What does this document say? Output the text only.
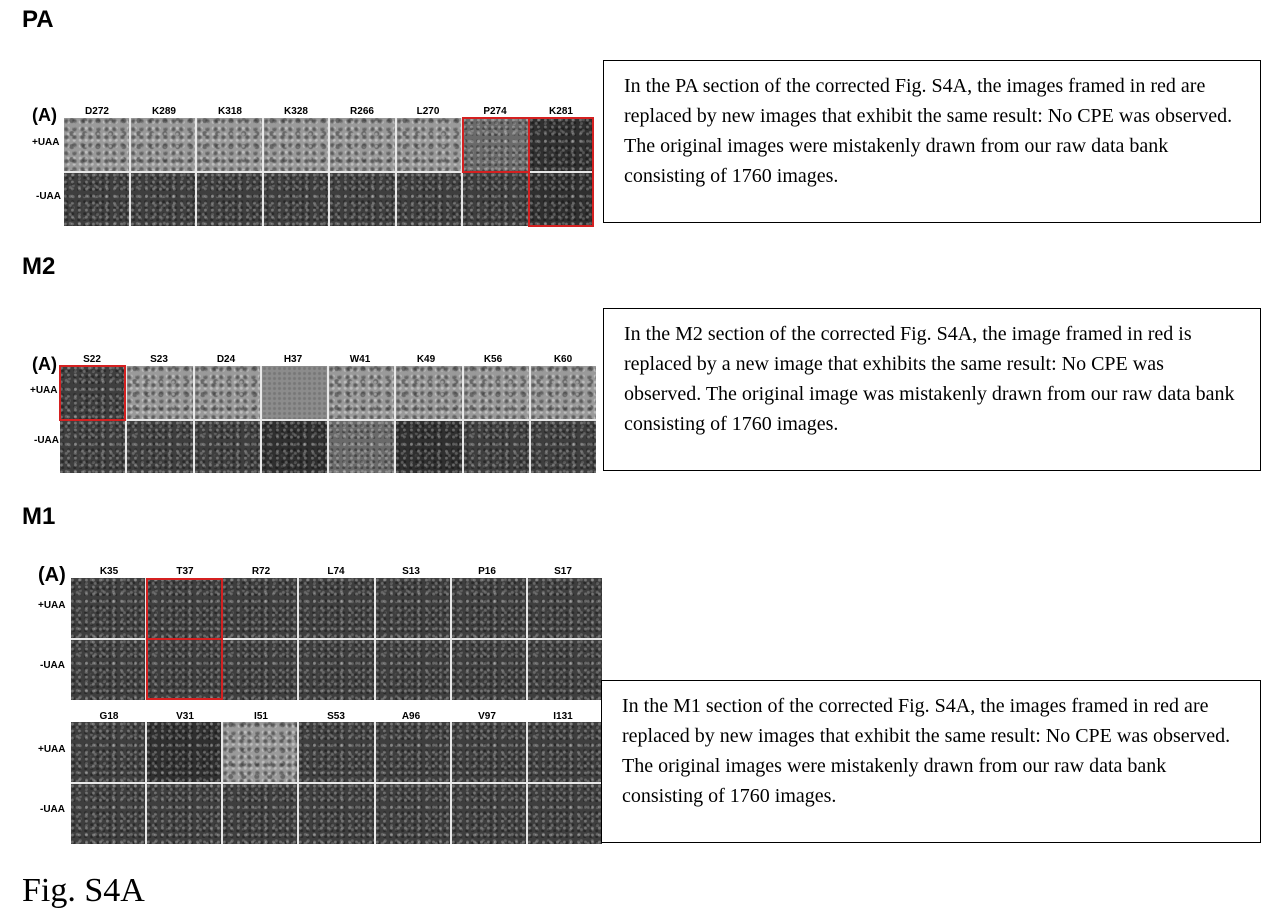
PA
(A)	D272	K289	K318	K328	R266	L270	P274	K281
+UAA
-UAA
In the PA section of the corrected Fig. S4A, the images framed in red are replaced by new images that exhibit the same result: No CPE was observed. The original images were mistakenly drawn from our raw data bank consisting of 1760 images.
M2
(A)	S22	S23	D24	H37	W41	K49	K56	K60
+UAA
-UAA
In the M2 section of the corrected Fig. S4A, the image framed in red is replaced by a new image that exhibits the same result: No CPE was observed. The original image was mistakenly drawn from our raw data bank consisting of 1760 images.
M1
(A)	K35	T37	R72	L74	S13	P16	S17
+UAA
-UAA
G18	V31	I51	S53	A96	V97	I131
+UAA
-UAA
In the M1 section of the corrected Fig. S4A, the images framed in red are replaced by new images that exhibit the same result: No CPE was observed. The original images were mistakenly drawn from our raw data bank consisting of 1760 images.
Fig. S4A
